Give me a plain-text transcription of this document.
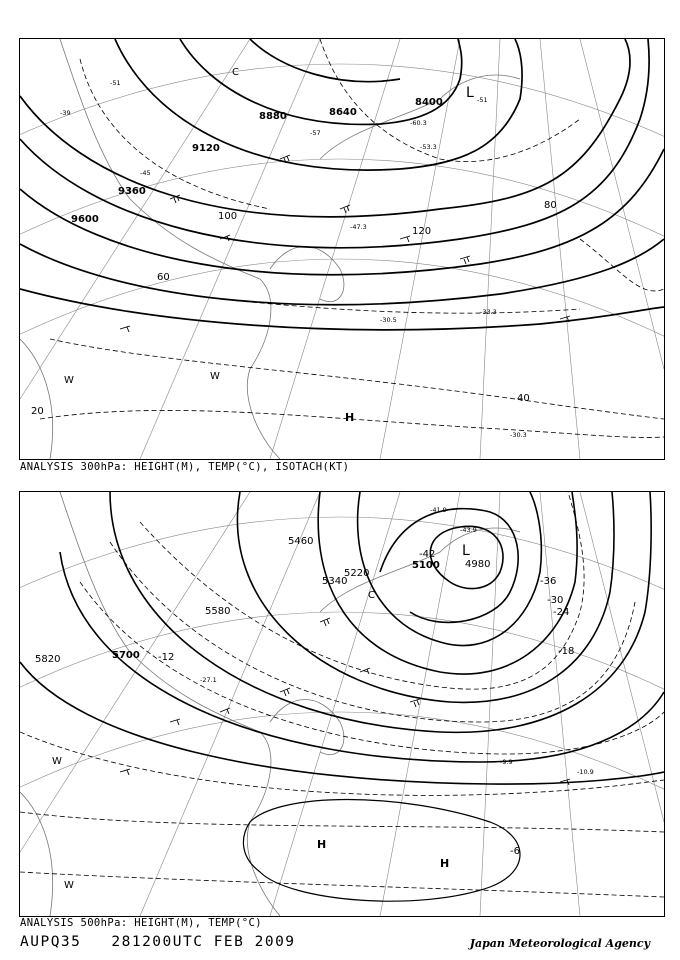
8400
8640
8880
9120
9360
9600
20
40
60
80
100
120
-39
-45
-51
-57
-30.5
-33.3
-47.3
-53.3
-60.3
-30.3
L -51
H
W	W
C
ANALYSIS 300hPa: HEIGHT(M), TEMP(°C), ISOTACH(KT)
4980
5100
5220
5340
5460
5580
5700
5820
-42
-36
-30
-24
-18
-12
-6
-41.9
-43.9
-27.1
-9.9
-10.9
L
H
H
W
W
C
ANALYSIS 500hPa: HEIGHT(M), TEMP(°C)
AUPQ35 281200UTC FEB 2009	Japan Meteorological Agency
